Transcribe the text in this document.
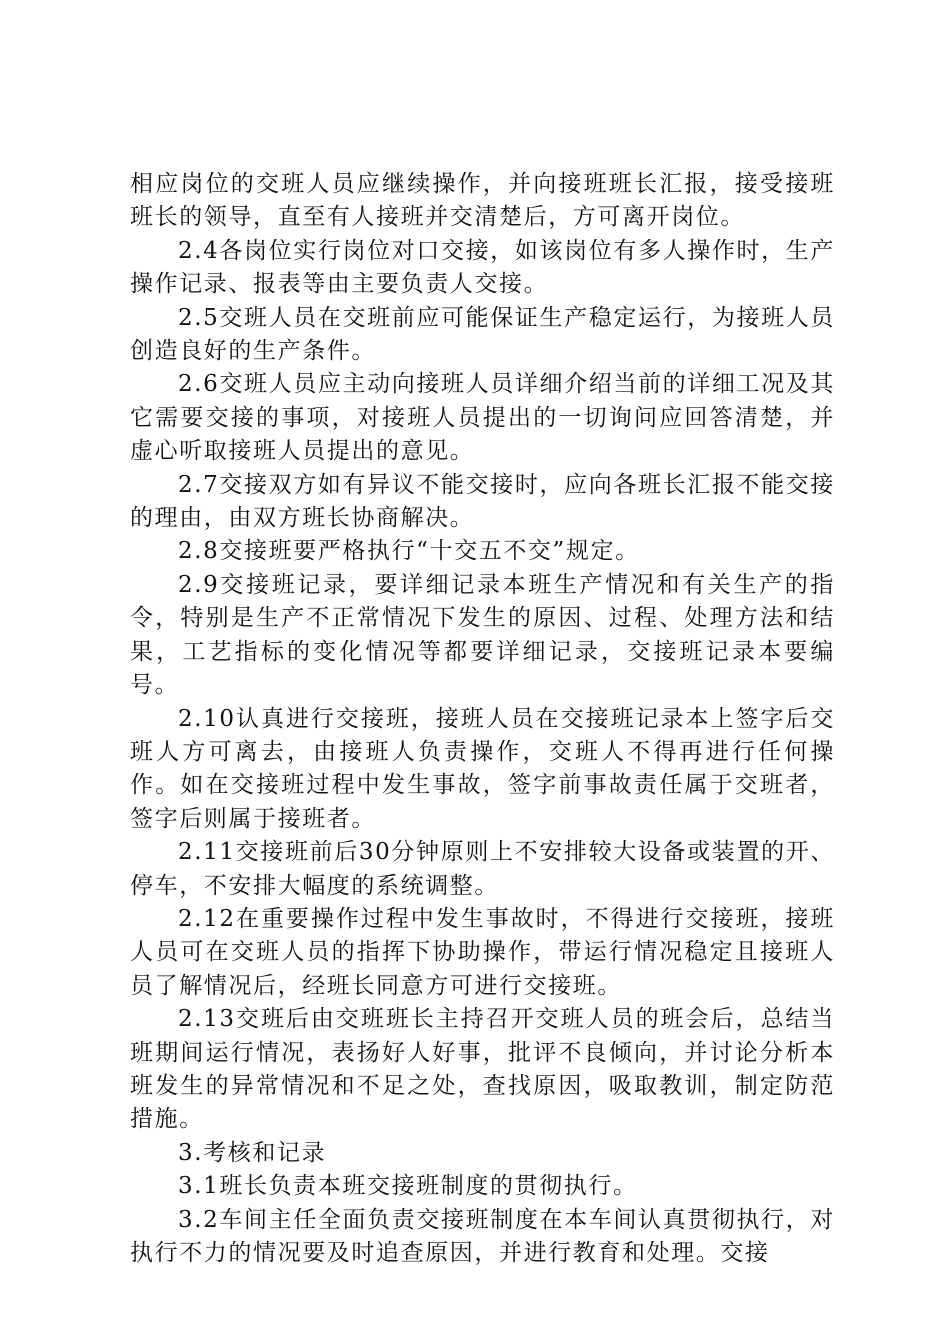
相应岗位的交班人员应继续操作，并向接班班长汇报，接受接班班长的领导，直至有人接班并交清楚后，方可离开岗位。

2.4各岗位实行岗位对口交接，如该岗位有多人操作时，生产操作记录、报表等由主要负责人交接。

2.5交班人员在交班前应可能保证生产稳定运行，为接班人员创造良好的生产条件。

2.6交班人员应主动向接班人员详细介绍当前的详细工况及其它需要交接的事项，对接班人员提出的一切询问应回答清楚，并虚心听取接班人员提出的意见。

2.7交接双方如有异议不能交接时，应向各班长汇报不能交接的理由，由双方班长协商解决。

2.8交接班要严格执行“十交五不交”规定。

2.9交接班记录，要详细记录本班生产情况和有关生产的指令，特别是生产不正常情况下发生的原因、过程、处理方法和结果，工艺指标的变化情况等都要详细记录，交接班记录本要编号。

2.10认真进行交接班，接班人员在交接班记录本上签字后交班人方可离去，由接班人负责操作，交班人不得再进行任何操作。如在交接班过程中发生事故，签字前事故责任属于交班者，签字后则属于接班者。

2.11交接班前后30分钟原则上不安排较大设备或装置的开、停车，不安排大幅度的系统调整。

2.12在重要操作过程中发生事故时，不得进行交接班，接班人员可在交班人员的指挥下协助操作，带运行情况稳定且接班人员了解情况后，经班长同意方可进行交接班。

2.13交班后由交班班长主持召开交班人员的班会后，总结当班期间运行情况，表扬好人好事，批评不良倾向，并讨论分析本班发生的异常情况和不足之处，查找原因，吸取教训，制定防范措施。

3.考核和记录

3.1班长负责本班交接班制度的贯彻执行。

3.2车间主任全面负责交接班制度在本车间认真贯彻执行，对执行不力的情况要及时追查原因，并进行教育和处理。交接
